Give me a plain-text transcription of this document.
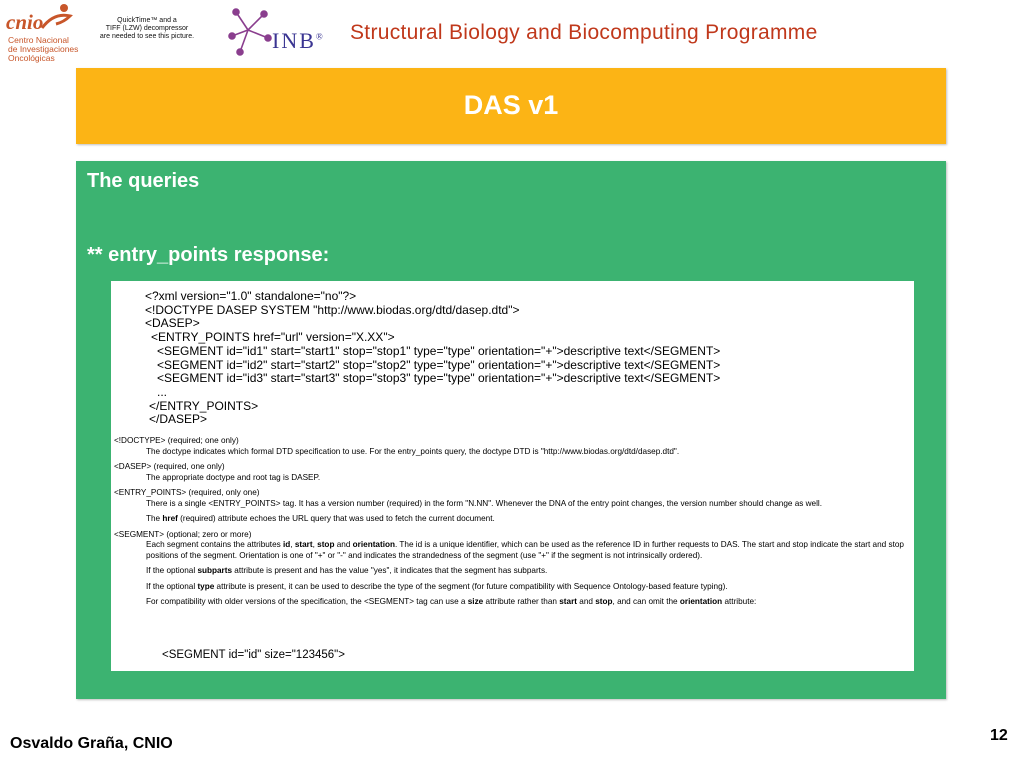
cnio
Centro Nacional
de Investigaciones
Oncológicas
QuickTime™ and a
TIFF (LZW) decompressor
are needed to see this picture.	INB® Structural Biology and Biocomputing Programme
DAS v1
The queries
** entry_points response:
<?xml version="1.0" standalone="no"?>
<!DOCTYPE DASEP SYSTEM "http://www.biodas.org/dtd/dasep.dtd">
<DASEP>
<ENTRY_POINTS href="url" version="X.XX">
<SEGMENT id="id1" start="start1" stop="stop1" type="type" orientation="+">descriptive text</SEGMENT>
<SEGMENT id="id2" start="start2" stop="stop2" type="type" orientation="+">descriptive text</SEGMENT>
<SEGMENT id="id3" start="start3" stop="stop3" type="type" orientation="+">descriptive text</SEGMENT>
...
</ENTRY_POINTS>
</DASEP>

<!DOCTYPE> (required; one only)

The doctype indicates which formal DTD specification to use. For the entry_points query, the doctype DTD is "http://www.biodas.org/dtd/dasep.dtd".

<DASEP> (required, one only)

The appropriate doctype and root tag is DASEP.

<ENTRY_POINTS> (required, only one)

There is a single <ENTRY_POINTS> tag. It has a version number (required) in the form "N.NN". Whenever the DNA of the entry point changes, the version number should change as well.

The href (required) attribute echoes the URL query that was used to fetch the current document.

<SEGMENT> (optional; zero or more)

Each segment contains the attributes id, start, stop and orientation. The id is a unique identifier, which can be used as the reference ID in further requests to DAS. The start and stop indicate the start and stop positions of the segment. Orientation is one of "+" or "-" and indicates the strandedness of the segment (use "+" if the segment is not intrinsically ordered).

If the optional subparts attribute is present and has the value "yes", it indicates that the segment has subparts.

If the optional type attribute is present, it can be used to describe the type of the segment (for future compatibility with Sequence Ontology-based feature typing).

For compatibility with older versions of the specification, the <SEGMENT> tag can use a size attribute rather than start and stop, and can omit the orientation attribute:

<SEGMENT id="id" size="123456">
Osvaldo Graña, CNIO	12
